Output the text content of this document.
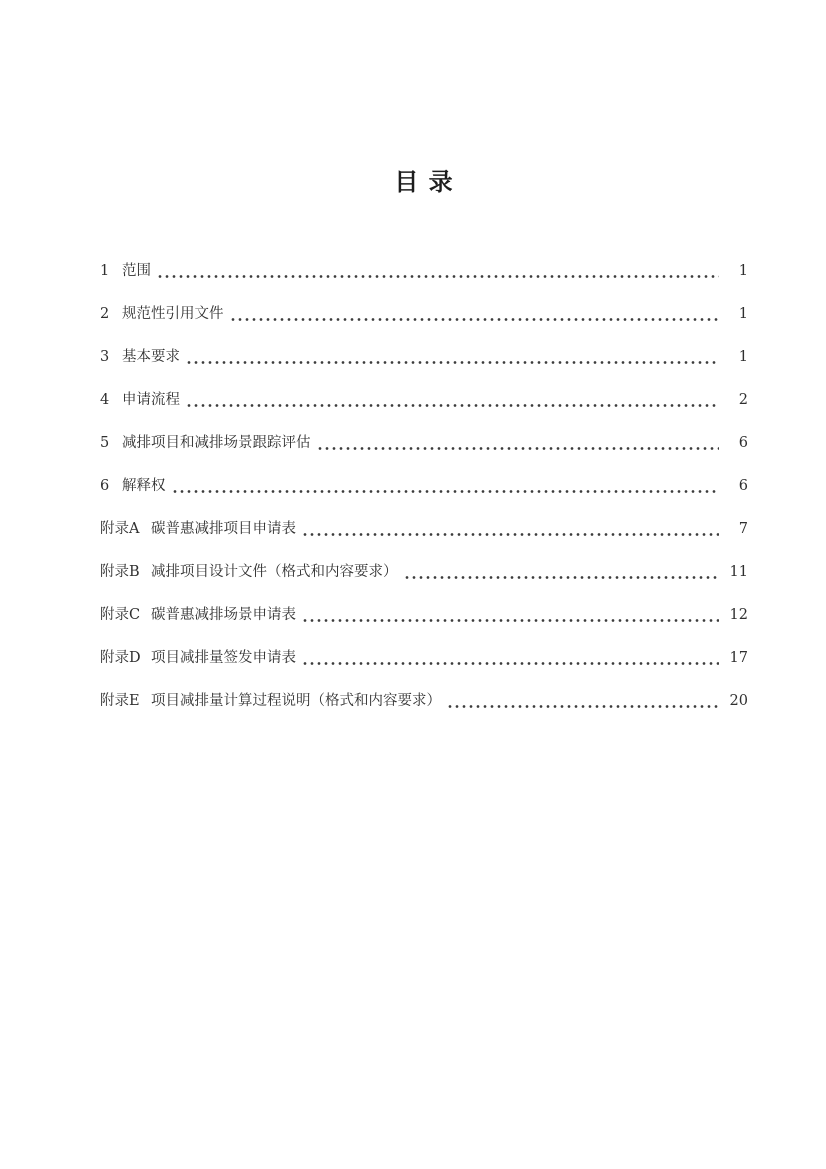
目 录
1 范围	1
2 规范性引用文件	1
3 基本要求	1
4 申请流程	2
5 减排项目和减排场景跟踪评估	6
6 解释权	6
附录A 碳普惠减排项目申请表	7
附录B 减排项目设计文件（格式和内容要求）	11
附录C 碳普惠减排场景申请表	12
附录D 项目减排量签发申请表	17
附录E 项目减排量计算过程说明（格式和内容要求）	20
